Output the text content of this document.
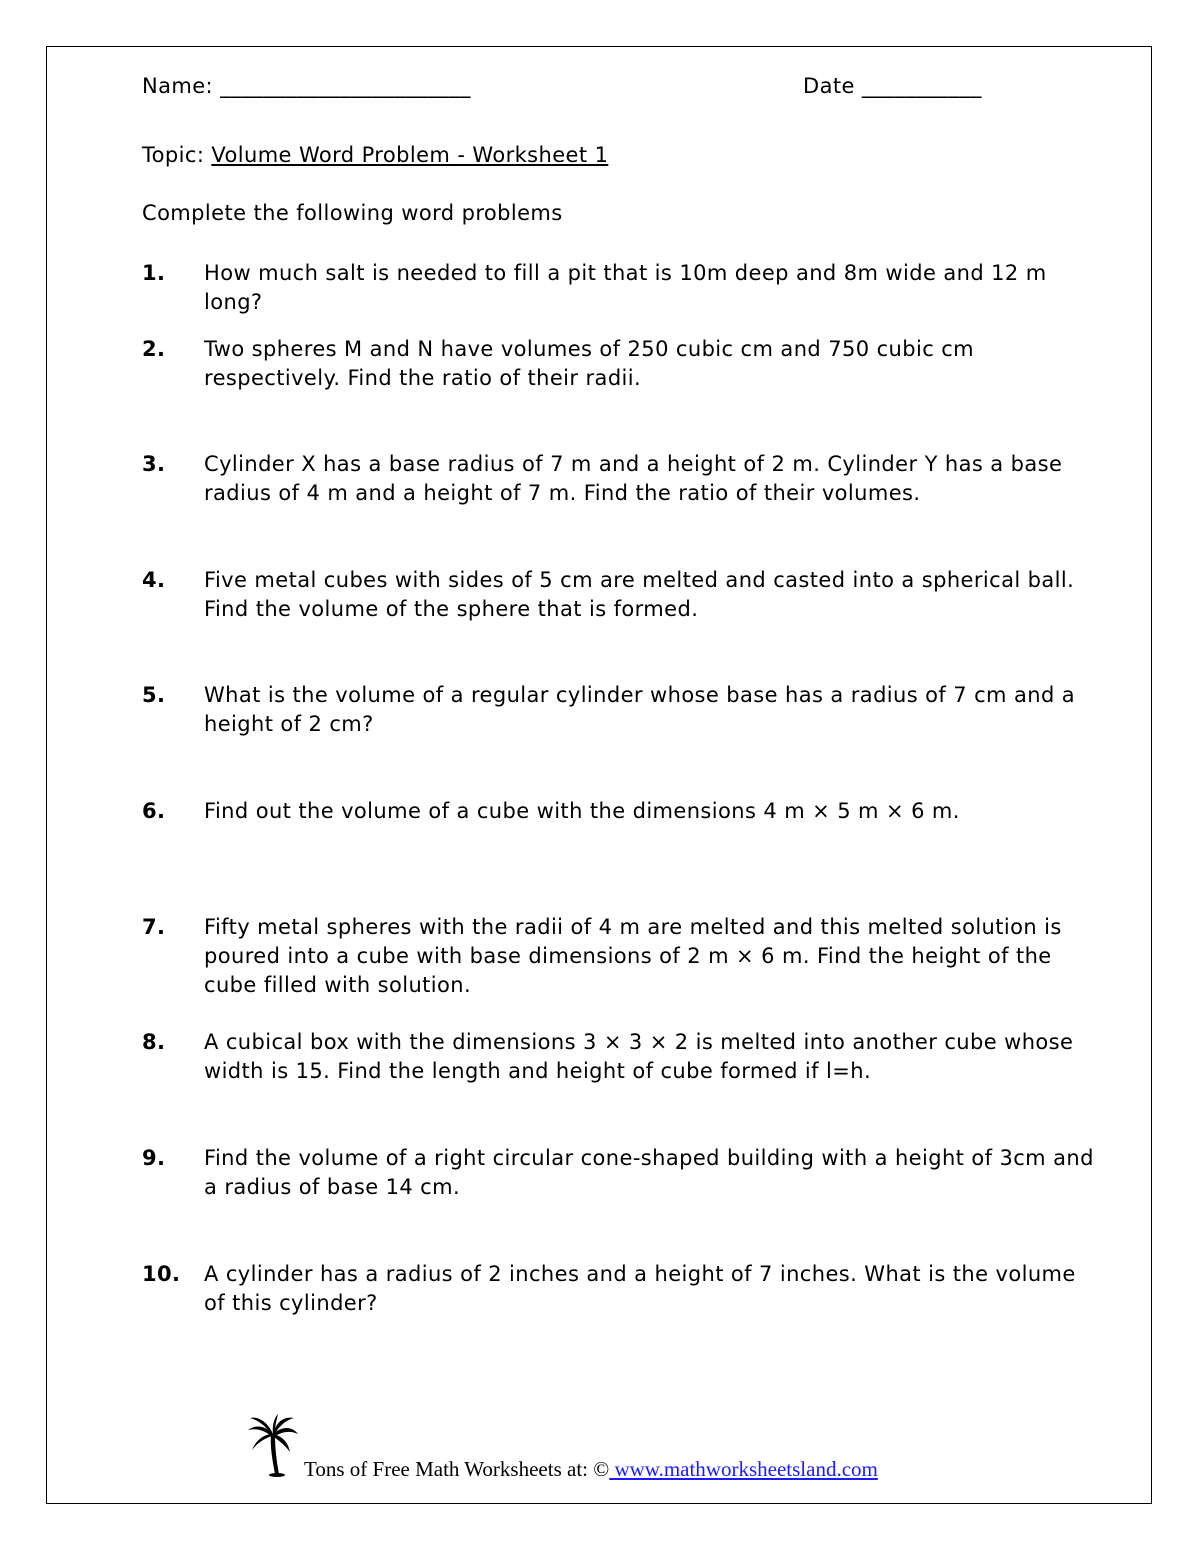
Name: _______________________	Date ___________
Topic: Volume Word Problem - Worksheet 1
Complete the following word problems
1.	How much salt is needed to fill a pit that is 10m deep and 8m wide and 12 m long?
2.	Two spheres M and N have volumes of 250 cubic cm and 750 cubic cm respectively. Find the ratio of their radii.
3.	Cylinder X has a base radius of 7 m and a height of 2 m. Cylinder Y has a base radius of 4 m and a height of 7 m. Find the ratio of their volumes.
4.	Five metal cubes with sides of 5 cm are melted and casted into a spherical ball. Find the volume of the sphere that is formed.
5.	What is the volume of a regular cylinder whose base has a radius of 7 cm and a height of 2 cm?
6.	Find out the volume of a cube with the dimensions 4 m × 5 m × 6 m.
7.	Fifty metal spheres with the radii of 4 m are melted and this melted solution is poured into a cube with base dimensions of 2 m × 6 m. Find the height of the cube filled with solution.
8.	A cubical box with the dimensions 3 × 3 × 2 is melted into another cube whose width is 15. Find the length and height of cube formed if l=h.
9.	Find the volume of a right circular cone-shaped building with a height of 3cm and a radius of base 14 cm.
10.	A cylinder has a radius of 2 inches and a height of 7 inches. What is the volume of this cylinder?
Tons of Free Math Worksheets at: © www.mathworksheetsland.com
